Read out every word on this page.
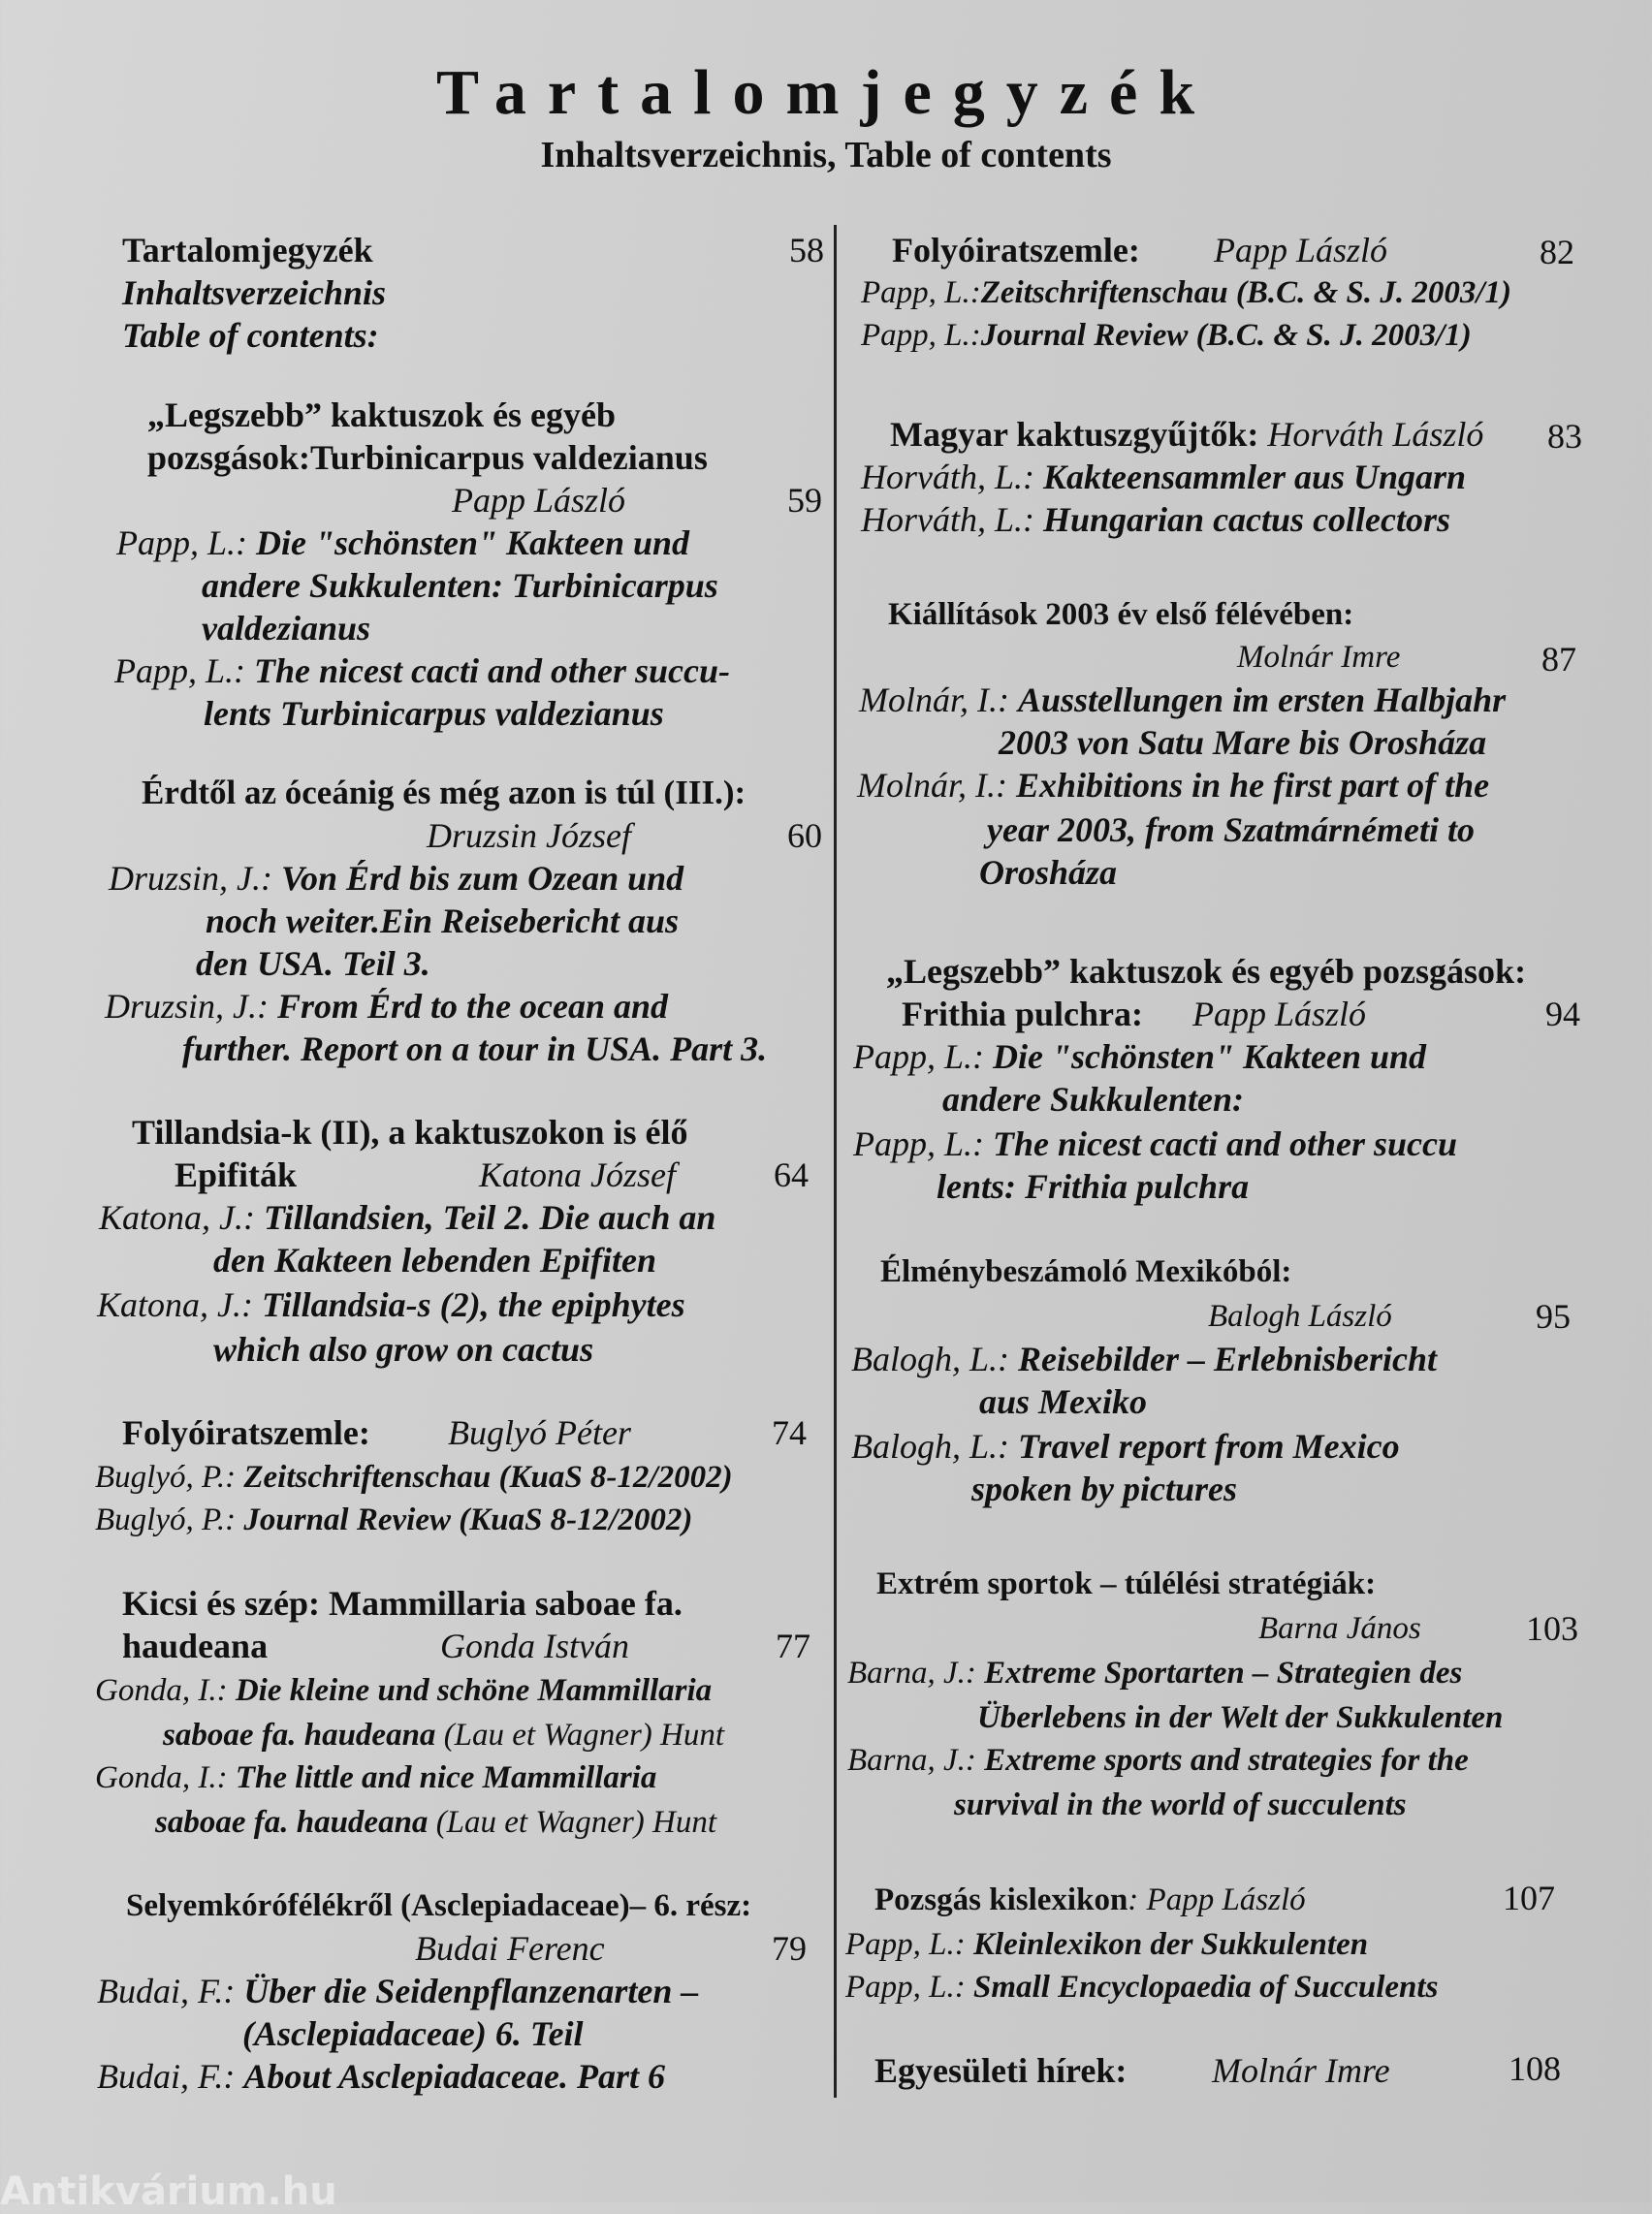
Tartalomjegyzék
Inhaltsverzeichnis, Table of contents
Tartalomjegyzék	58
Inhaltsverzeichnis
Table of contents:
„Legszebb” kaktuszok és egyéb
pozsgások:Turbinicarpus valdezianus
Papp László	59
Papp, L.: Die "schönsten" Kakteen und
andere Sukkulenten: Turbinicarpus
valdezianus
Papp, L.: The nicest cacti and other succu-
lents Turbinicarpus valdezianus
Érdtől az óceánig és még azon is túl (III.):
Druzsin József	60
Druzsin, J.: Von Érd bis zum Ozean und
noch weiter.Ein Reisebericht aus
den USA. Teil 3.
Druzsin, J.: From Érd to the ocean and
further. Report on a tour in USA. Part 3.
Tillandsia-k (II), a kaktuszokon is élő
Epifiták	Katona József	64
Katona, J.: Tillandsien, Teil 2. Die auch an
den Kakteen lebenden Epifiten
Katona, J.: Tillandsia-s (2), the epiphytes
which also grow on cactus
Folyóiratszemle: Buglyó Péter	74
Buglyó, P.: Zeitschriftenschau (KuaS 8-12/2002)
Buglyó, P.: Journal Review (KuaS 8-12/2002)
Kicsi és szép: Mammillaria saboae fa.
haudeana	Gonda István	77
Gonda, I.: Die kleine und schöne Mammillaria
saboae fa. haudeana (Lau et Wagner) Hunt
Gonda, I.: The little and nice Mammillaria
saboae fa. haudeana (Lau et Wagner) Hunt
Selyemkórófélékről (Asclepiadaceae)– 6. rész:
Budai Ferenc	79
Budai, F.: Über die Seidenpflanzenarten –
(Asclepiadaceae) 6. Teil
Budai, F.: About Asclepiadaceae. Part 6
Folyóiratszemle: Papp László	82
Papp, L.:Zeitschriftenschau (B.C. & S. J. 2003/1)
Papp, L.:Journal Review (B.C. & S. J. 2003/1)
Magyar kaktuszgyűjtők: Horváth László 83
Horváth, L.: Kakteensammler aus Ungarn
Horváth, L.: Hungarian cactus collectors
Kiállítások 2003 év első félévében:
Molnár Imre	87
Molnár, I.: Ausstellungen im ersten Halbjahr
2003 von Satu Mare bis Orosháza
Molnár, I.: Exhibitions in he first part of the
year 2003, from Szatmárnémeti to
Orosháza
„Legszebb” kaktuszok és egyéb pozsgások:
Frithia pulchra: Papp László	94
Papp, L.: Die "schönsten" Kakteen und
andere Sukkulenten:
Papp, L.: The nicest cacti and other succu
lents: Frithia pulchra
Élménybeszámoló Mexikóból:
Balogh László	95
Balogh, L.: Reisebilder – Erlebnisbericht
aus Mexiko
Balogh, L.: Travel report from Mexico
spoken by pictures
Extrém sportok – túlélési stratégiák:
Barna János	103
Barna, J.: Extreme Sportarten – Strategien des
Überlebens in der Welt der Sukkulenten
Barna, J.: Extreme sports and strategies for the
survival in the world of succulents
Pozsgás kislexikon: Papp László	107
Papp, L.: Kleinlexikon der Sukkulenten
Papp, L.: Small Encyclopaedia of Succulents
Egyesületi hírek: Molnár Imre	108
Antikvárium.hu
